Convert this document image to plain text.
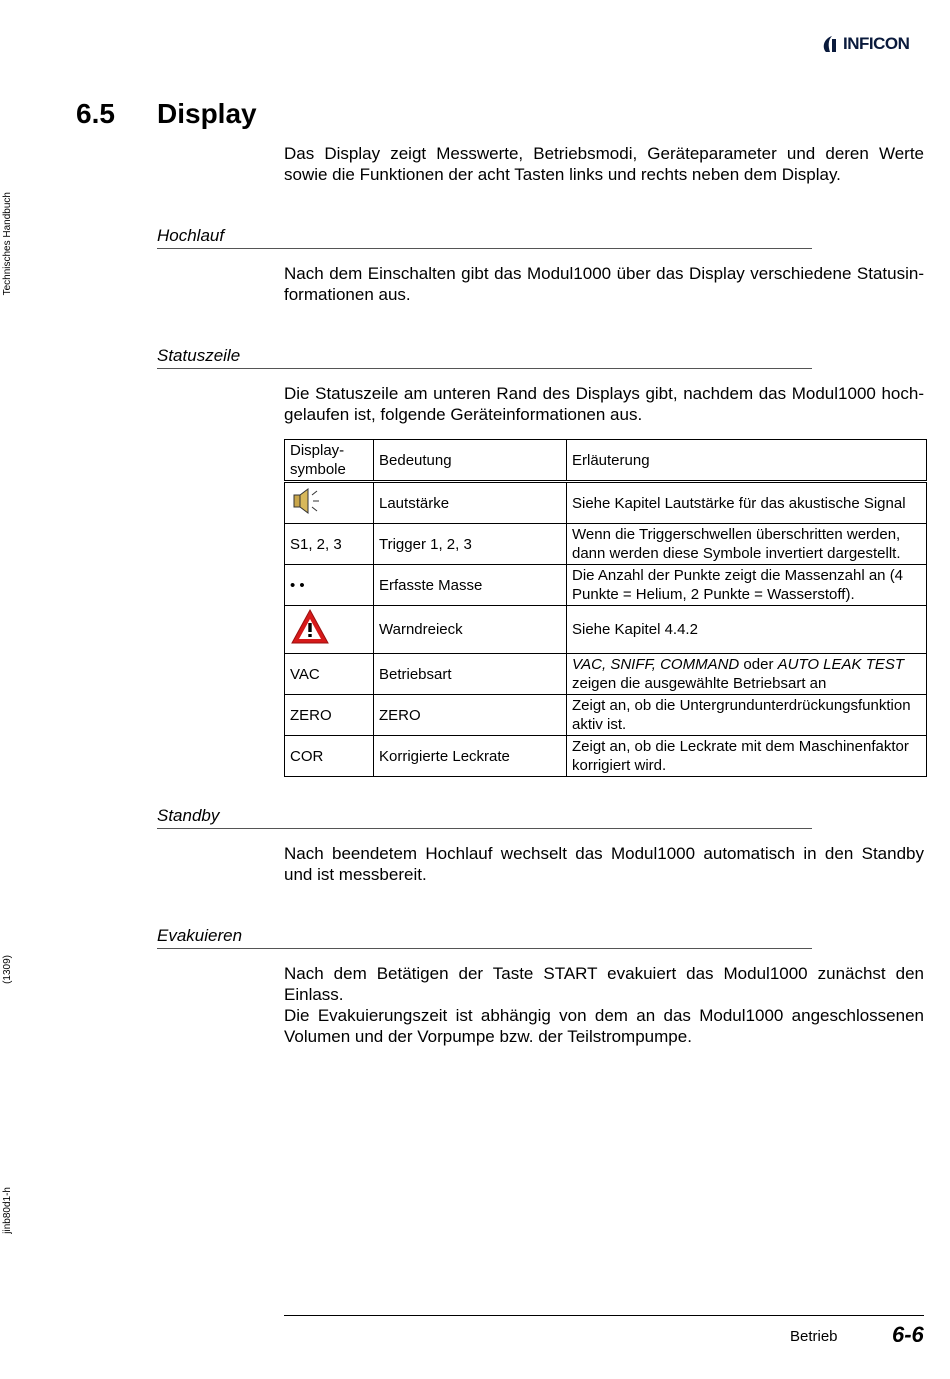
Technisches Handbuch
(1309)
jinb80d1-h
INFICON
6.5 Display
Das Display zeigt Messwerte, Betriebsmodi, Geräteparameter und deren Werte sowie die Funktionen der acht Tasten links und rechts neben dem Display.
Hochlauf
Nach dem Einschalten gibt das Modul1000 über das Display verschiedene Statusin-formationen aus.
Statuszeile
Die Statuszeile am unteren Rand des Displays gibt, nachdem das Modul1000 hoch-gelaufen ist, folgende Geräteinformationen aus.
Display-symbole	Bedeutung	Erläuterung
	Lautstärke	Siehe Kapitel Lautstärke für das akustische Signal
S1, 2, 3	Trigger 1, 2, 3	Wenn die Triggerschwellen überschritten werden, dann werden diese Symbole invertiert dargestellt.
• •	Erfasste Masse	Die Anzahl der Punkte zeigt die Massenzahl an (4 Punkte = Helium, 2 Punkte = Wasserstoff).
	Warndreieck	Siehe Kapitel 4.4.2
VAC	Betriebsart	VAC, SNIFF, COMMAND oder AUTO LEAK TEST
zeigen die ausgewählte Betriebsart an
ZERO	ZERO	Zeigt an, ob die Untergrundunterdrückungsfunktion aktiv ist.
COR	Korrigierte Leckrate	Zeigt an, ob die Leckrate mit dem Maschinenfaktor korrigiert wird.
Standby
Nach beendetem Hochlauf wechselt das Modul1000 automatisch in den Standby und ist messbereit.
Evakuieren
Nach dem Betätigen der Taste START evakuiert das Modul1000 zunächst den Einlass.
Die Evakuierungszeit ist abhängig von dem an das Modul1000 angeschlossenen Volumen und der Vorpumpe bzw. der Teilstrompumpe.
Betrieb 6-6
